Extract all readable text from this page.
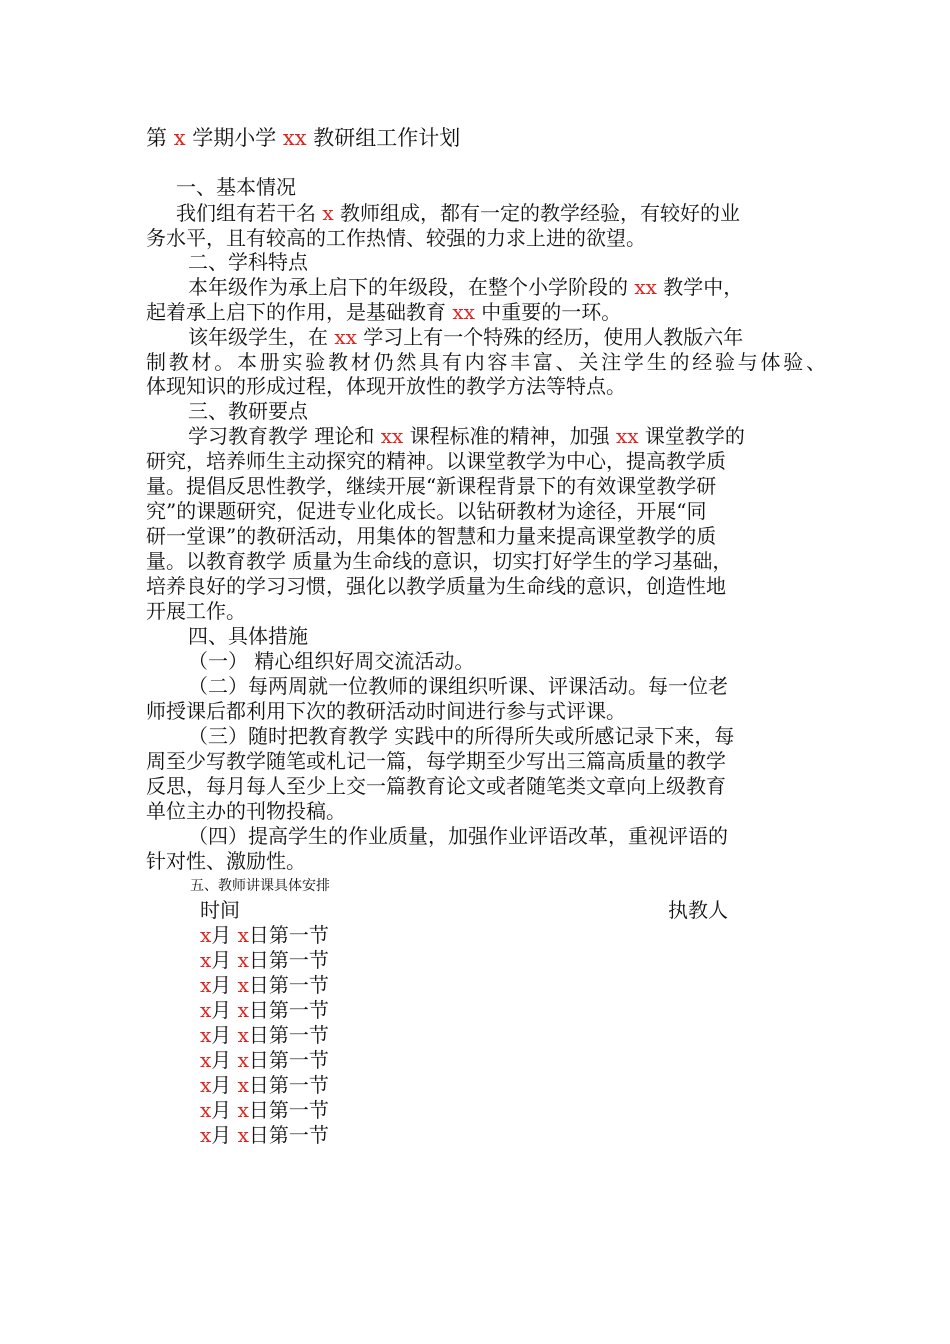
第 x 学期小学 xx 教研组工作计划
一、基本情况
我们组有若干名 x 教师组成，都有一定的教学经验，有较好的业
务水平，且有较高的工作热情、较强的力求上进的欲望。
二、学科特点
本年级作为承上启下的年级段，在整个小学阶段的 xx 教学中，
起着承上启下的作用，是基础教育 xx 中重要的一环。
该年级学生，在 xx 学习上有一个特殊的经历，使用人教版六年
制教材。本册实验教材仍然具有内容丰富、关注学生的经验与体验、
体现知识的形成过程，体现开放性的教学方法等特点。
三、教研要点
学习教育教学 理论和 xx 课程标准的精神，加强 xx 课堂教学的
研究，培养师生主动探究的精神。以课堂教学为中心，提高教学质
量。提倡反思性教学，继续开展“新课程背景下的有效课堂教学研
究”的课题研究，促进专业化成长。以钻研教材为途径，开展“同
研一堂课”的教研活动，用集体的智慧和力量来提高课堂教学的质
量。以教育教学 质量为生命线的意识，切实打好学生的学习基础，
培养良好的学习习惯，强化以教学质量为生命线的意识，创造性地
开展工作。
四、具体措施
（一） 精心组织好周交流活动。
（二）每两周就一位教师的课组织听课、评课活动。每一位老
师授课后都利用下次的教研活动时间进行参与式评课。
（三）随时把教育教学 实践中的所得所失或所感记录下来，每
周至少写教学随笔或札记一篇，每学期至少写出三篇高质量的教学
反思，每月每人至少上交一篇教育论文或者随笔类文章向上级教育
单位主办的刊物投稿。
（四）提高学生的作业质量，加强作业评语改革，重视评语的
针对性、激励性。
五、教师讲课具体安排
时间	执教人
x月 x日第一节
x月 x日第一节
x月 x日第一节
x月 x日第一节
x月 x日第一节
x月 x日第一节
x月 x日第一节
x月 x日第一节
x月 x日第一节
